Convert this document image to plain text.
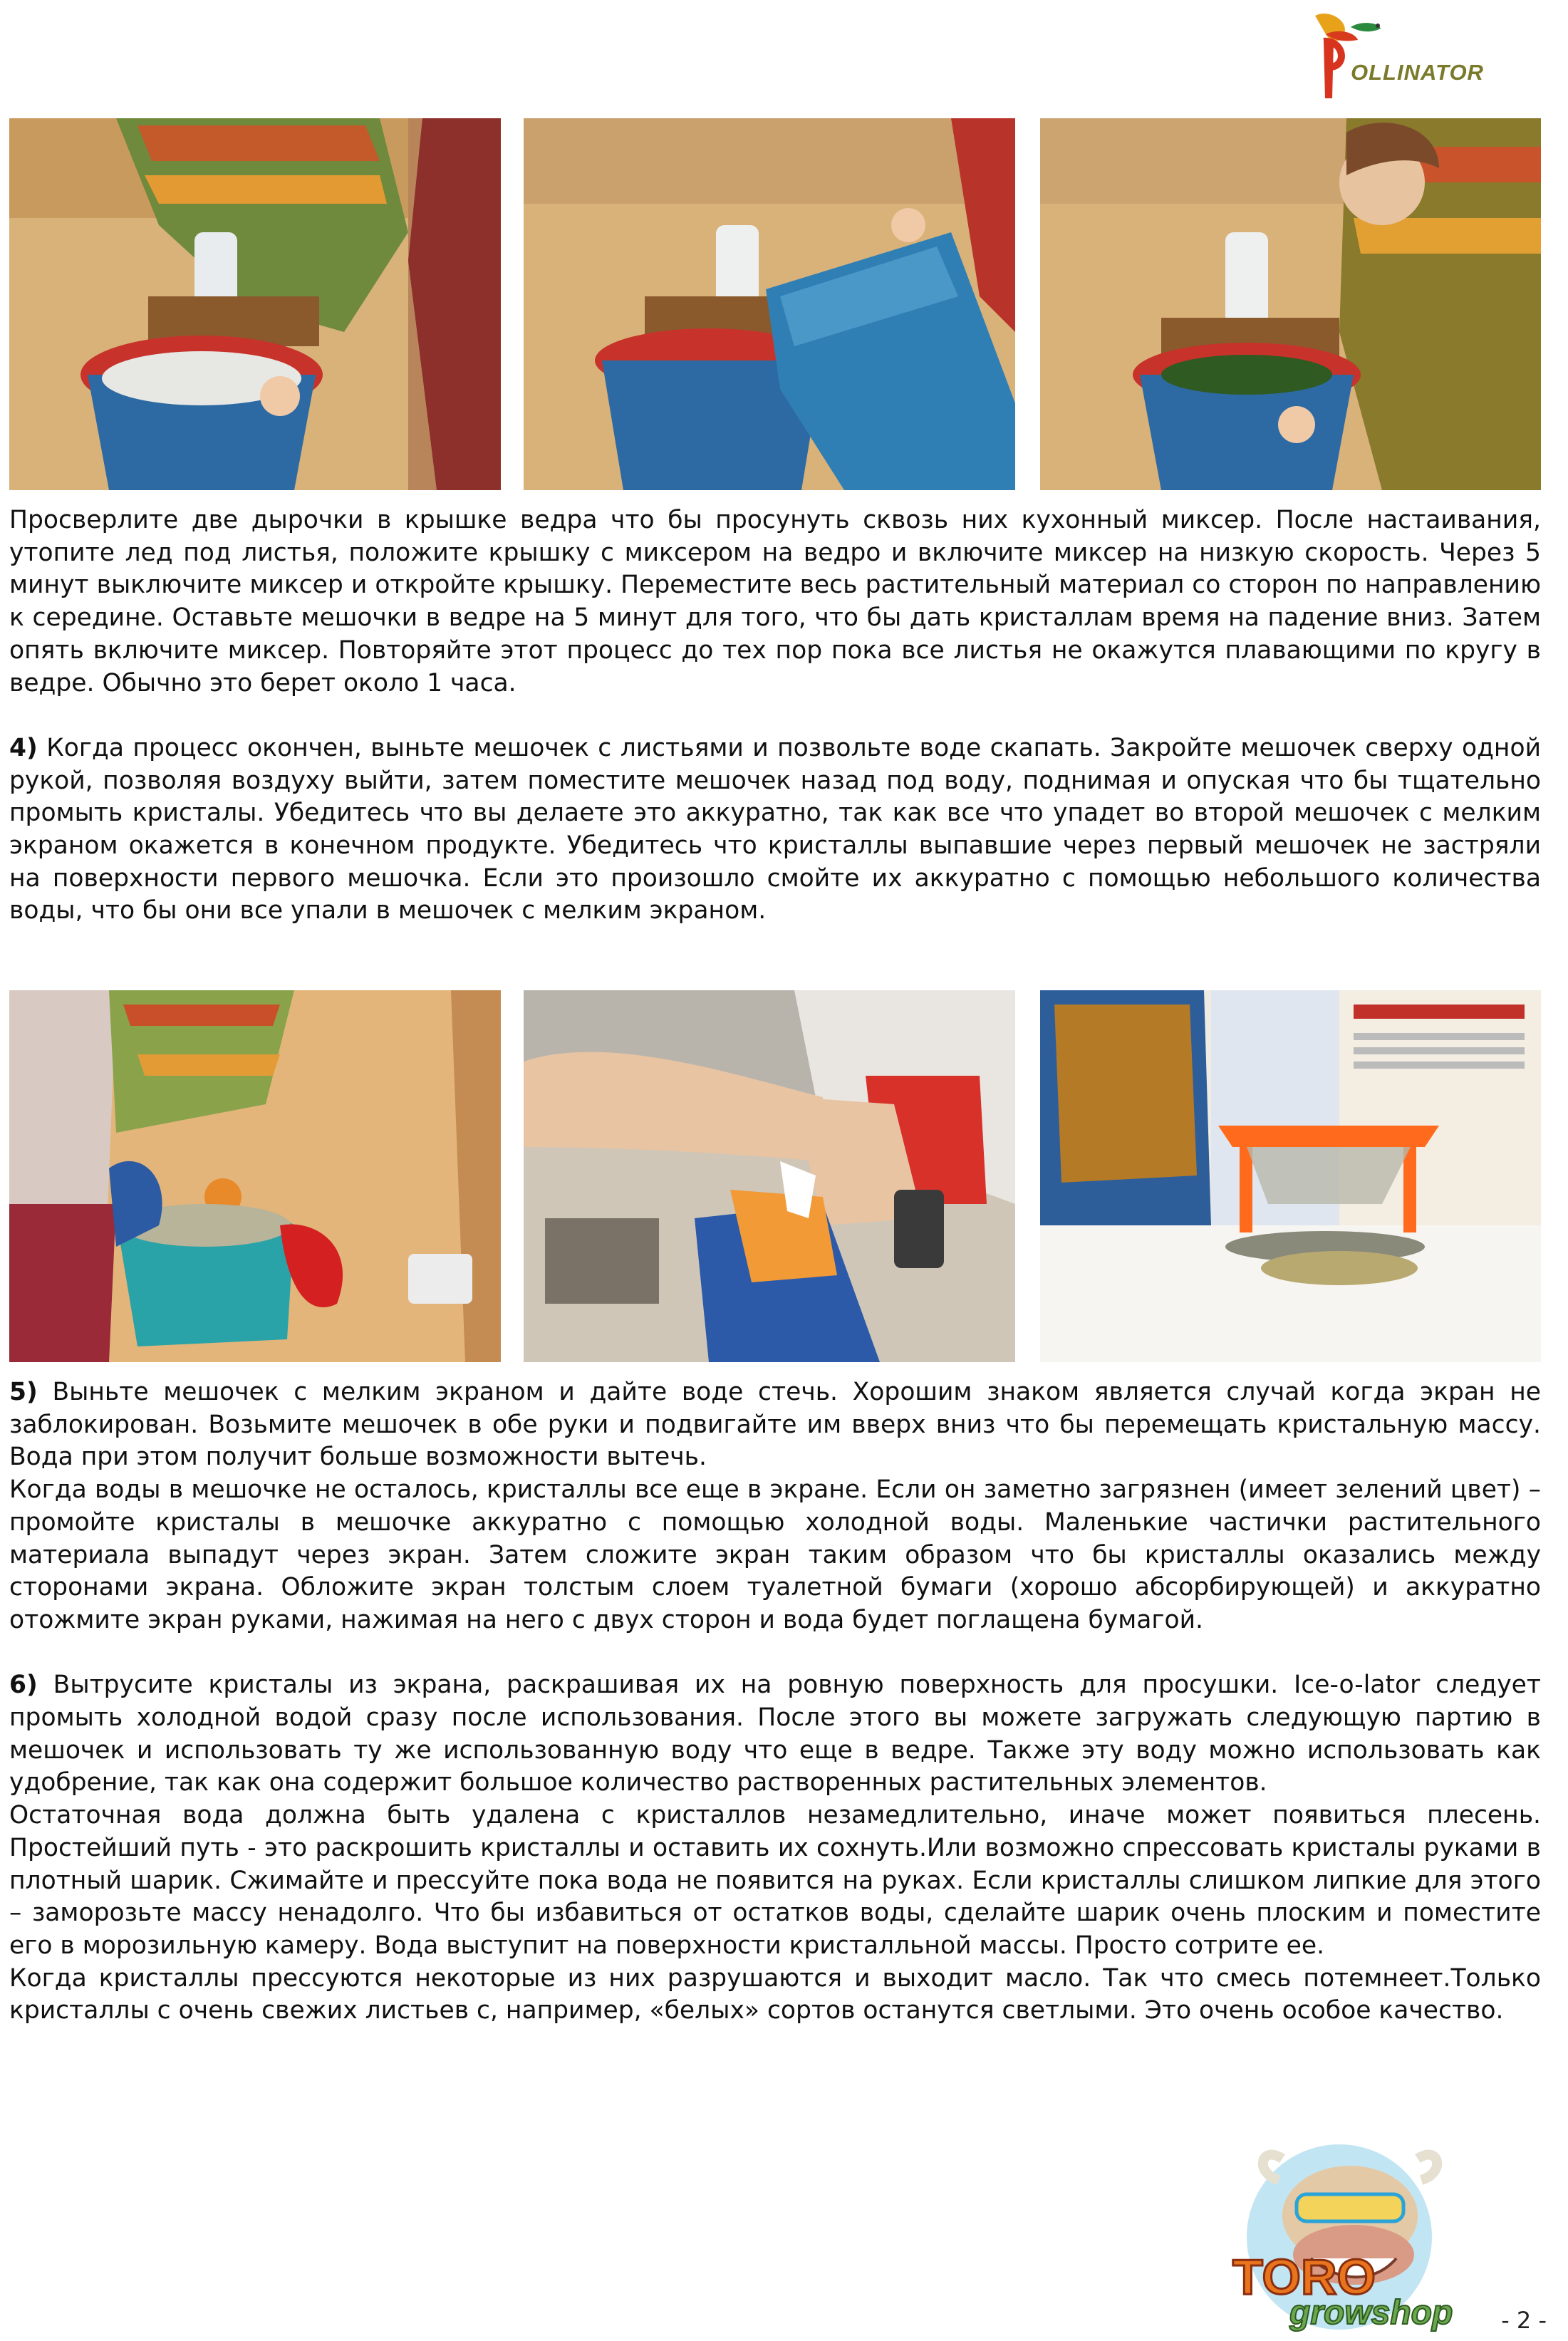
OLLINATOR

Просверлите две дырочки в крышке ведра что бы просунуть сквозь них кухонный миксер. После настаивания, утопите лед под листья, положите крышку с миксером на ведро и включите миксер на низкую скорость. Через 5 минут выключите миксер и откройте крышку. Переместите весь растительный материал со сторон по направлению к середине. Оставьте мешочки в ведре на 5 минут для того, что бы дать кристаллам время на падение вниз. Затем опять включите миксер. Повторяйте этот процесс до тех пор пока все листья не окажутся плавающими по кругу в ведре. Обычно это берет около 1 часа.

4) Когда процесс окончен, выньте мешочек с листьями и позвольте воде скапать. Закройте мешочек сверху одной рукой, позволяя воздуху выйти, затем поместите мешочек назад под воду, поднимая и опуская что бы тщательно промыть кристалы. Убедитесь что вы делаете это аккуратно, так как все что упадет во второй мешочек с мелким экраном окажется в конечном продукте. Убедитесь что кристаллы выпавшие через первый мешочек не застряли на поверхности первого мешочка. Если это произошло смойте их аккуратно с помощью небольшого количества воды, что бы они все упали в мешочек с мелким экраном.

5) Выньте мешочек с мелким экраном и дайте воде стечь. Хорошим знаком является случай когда экран не заблокирован. Возьмите мешочек в обе руки и подвигайте им вверх вниз что бы перемещать кристальную массу. Вода при этом получит больше возможности вытечь.

Когда воды в мешочке не осталось, кристаллы все еще в экране. Если он заметно загрязнен (имеет зелений цвет) – промойте кристалы в мешочке аккуратно с помощью холодной воды. Маленькие частички растительного материала выпадут через экран. Затем сложите экран таким образом что бы кристаллы оказались между сторонами экрана. Обложите экран толстым слоем туалетной бумаги (хорошо абсорбирующей) и аккуратно отожмите экран руками, нажимая на него с двух сторон и вода будет поглащена бумагой.

6) Вытрусите кристалы из экрана, раскрашивая их на ровную поверхность для просушки. Ice-o-lator следует промыть холодной водой сразу после использования. После этого вы можете загружать следующую партию в мешочек и использовать ту же использованную воду что еще в ведре. Также эту воду можно использовать как удобрение, так как она содержит большое количество растворенных растительных элементов.

Остаточная вода должна быть удалена с кристаллов незамедлительно, иначе может появиться плесень. Простейший путь - это раскрошить кристаллы и оставить их сохнуть.Или возможно спрессовать кристалы руками в плотный шарик. Сжимайте и прессуйте пока вода не появится на руках. Если кристаллы слишком липкие для этого – заморозьте массу ненадолго. Что бы избавиться от остатков воды, сделайте шарик очень плоским и поместите его в морозильную камеру. Вода выступит на поверхности кристалльной массы. Просто сотрите ее.

Когда кристаллы прессуются некоторые из них разрушаются и выходит масло. Так что смесь потемнеет.Только кристаллы с очень свежих листьев с, например, «белых» сортов останутся светлыми. Это очень особое качество.

TORO
growshop - 2 -
